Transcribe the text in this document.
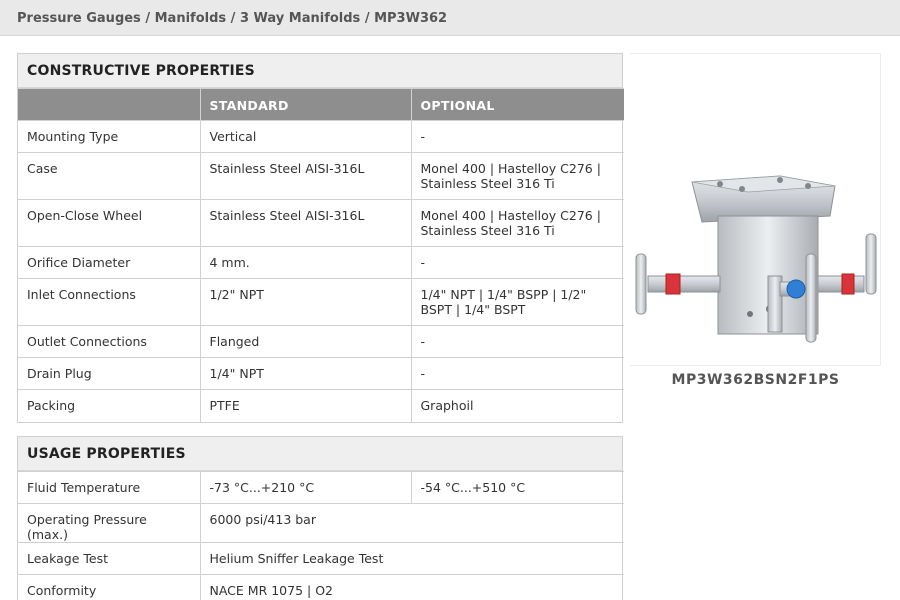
Pressure Gauges / Manifolds / 3 Way Manifolds / MP3W362
CONSTRUCTIVE PROPERTIES
	STANDARD	OPTIONAL
Mounting Type	Vertical	-
Case	Stainless Steel AISI-316L	Monel 400 | Hastelloy C276 | Stainless Steel 316 Ti
Open-Close Wheel	Stainless Steel AISI-316L	Monel 400 | Hastelloy C276 | Stainless Steel 316 Ti
Orifice Diameter	4 mm.	-
Inlet Connections	1/2" NPT	1/4" NPT | 1/4" BSPP | 1/2" BSPT | 1/4" BSPT
Outlet Connections	Flanged	-
Drain Plug	1/4" NPT	-
Packing	PTFE	Graphoil
USAGE PROPERTIES
Fluid Temperature	-73 °C...+210 °C	-54 °C...+510 °C
Operating Pressure (max.)	6000 psi/413 bar	
Leakage Test	Helium Sniffer Leakage Test	
Conformity	NACE MR 1075 | O2	
MP3W362BSN2F1PS
